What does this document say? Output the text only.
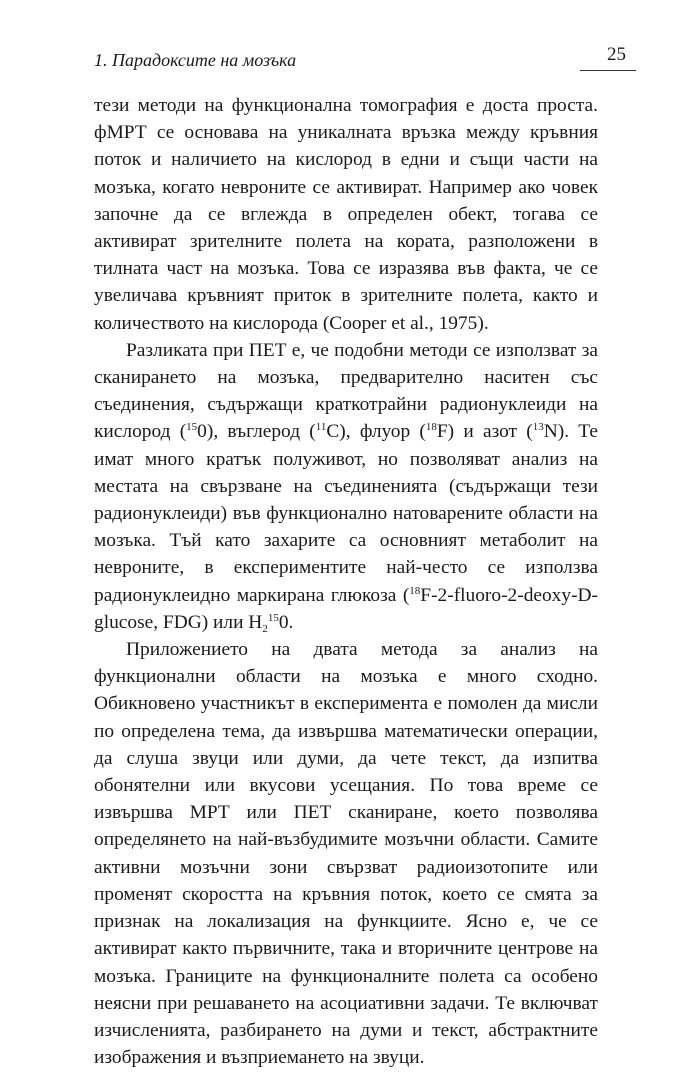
1. Парадоксите на мозъка	25

тези методи на функционална томография е доста проста. фМРТ се основава на уникалната връзка между кръвния поток и наличието на кислород в едни и същи части на мозъка, когато невроните се активират. Например ако човек започне да се вглежда в определен обект, тогава се активират зрителните полета на кората, разположени в тилната част на мозъка. Това се изразява във факта, че се увеличава кръвният приток в зрителните полета, както и количеството на кислорода (Cooper et al., 1975).

Разликата при ПЕТ е, че подобни методи се използват за сканирането на мозъка, предварително наситен със съединения, съдържащи краткотрайни радионуклеиди на кислород ($^{15}$0), въглерод ($^{11}$C), флуор ($^{18}$F) и азот ($^{13}$N). Те имат много кратък полуживот, но позволяват анализ на местата на свързване на съединенията (съдържащи тези радионуклеиди) във функционално натоварените области на мозъка. Тъй като захарите са основният метаболит на невроните, в експериментите най-често се използва радионуклеидно маркирана глюкоза ($^{18}$F-2-fluoro-2-deoxy-D-glucose, FDG) или $H_2^{15}0$.

Приложението на двата метода за анализ на функционални области на мозъка е много сходно. Обикновено участникът в експеримента е помолен да мисли по определена тема, да извършва математически операции, да слуша звуци или думи, да чете текст, да изпитва обонятелни или вкусови усещания. По това време се извършва МРТ или ПЕТ сканиране, което позволява определянето на най-възбудимите мозъчни области. Самите активни мозъчни зони свързват радиоизотопите или променят скоростта на кръвния поток, което се смята за признак на локализация на функциите. Ясно е, че се активират както първичните, така и вторичните центрове на мозъка. Границите на функционалните полета са особено неясни при решаването на асоциативни задачи. Те включват изчисленията, разбирането на думи и текст, абстрактните изображения и възприемането на звуци.
